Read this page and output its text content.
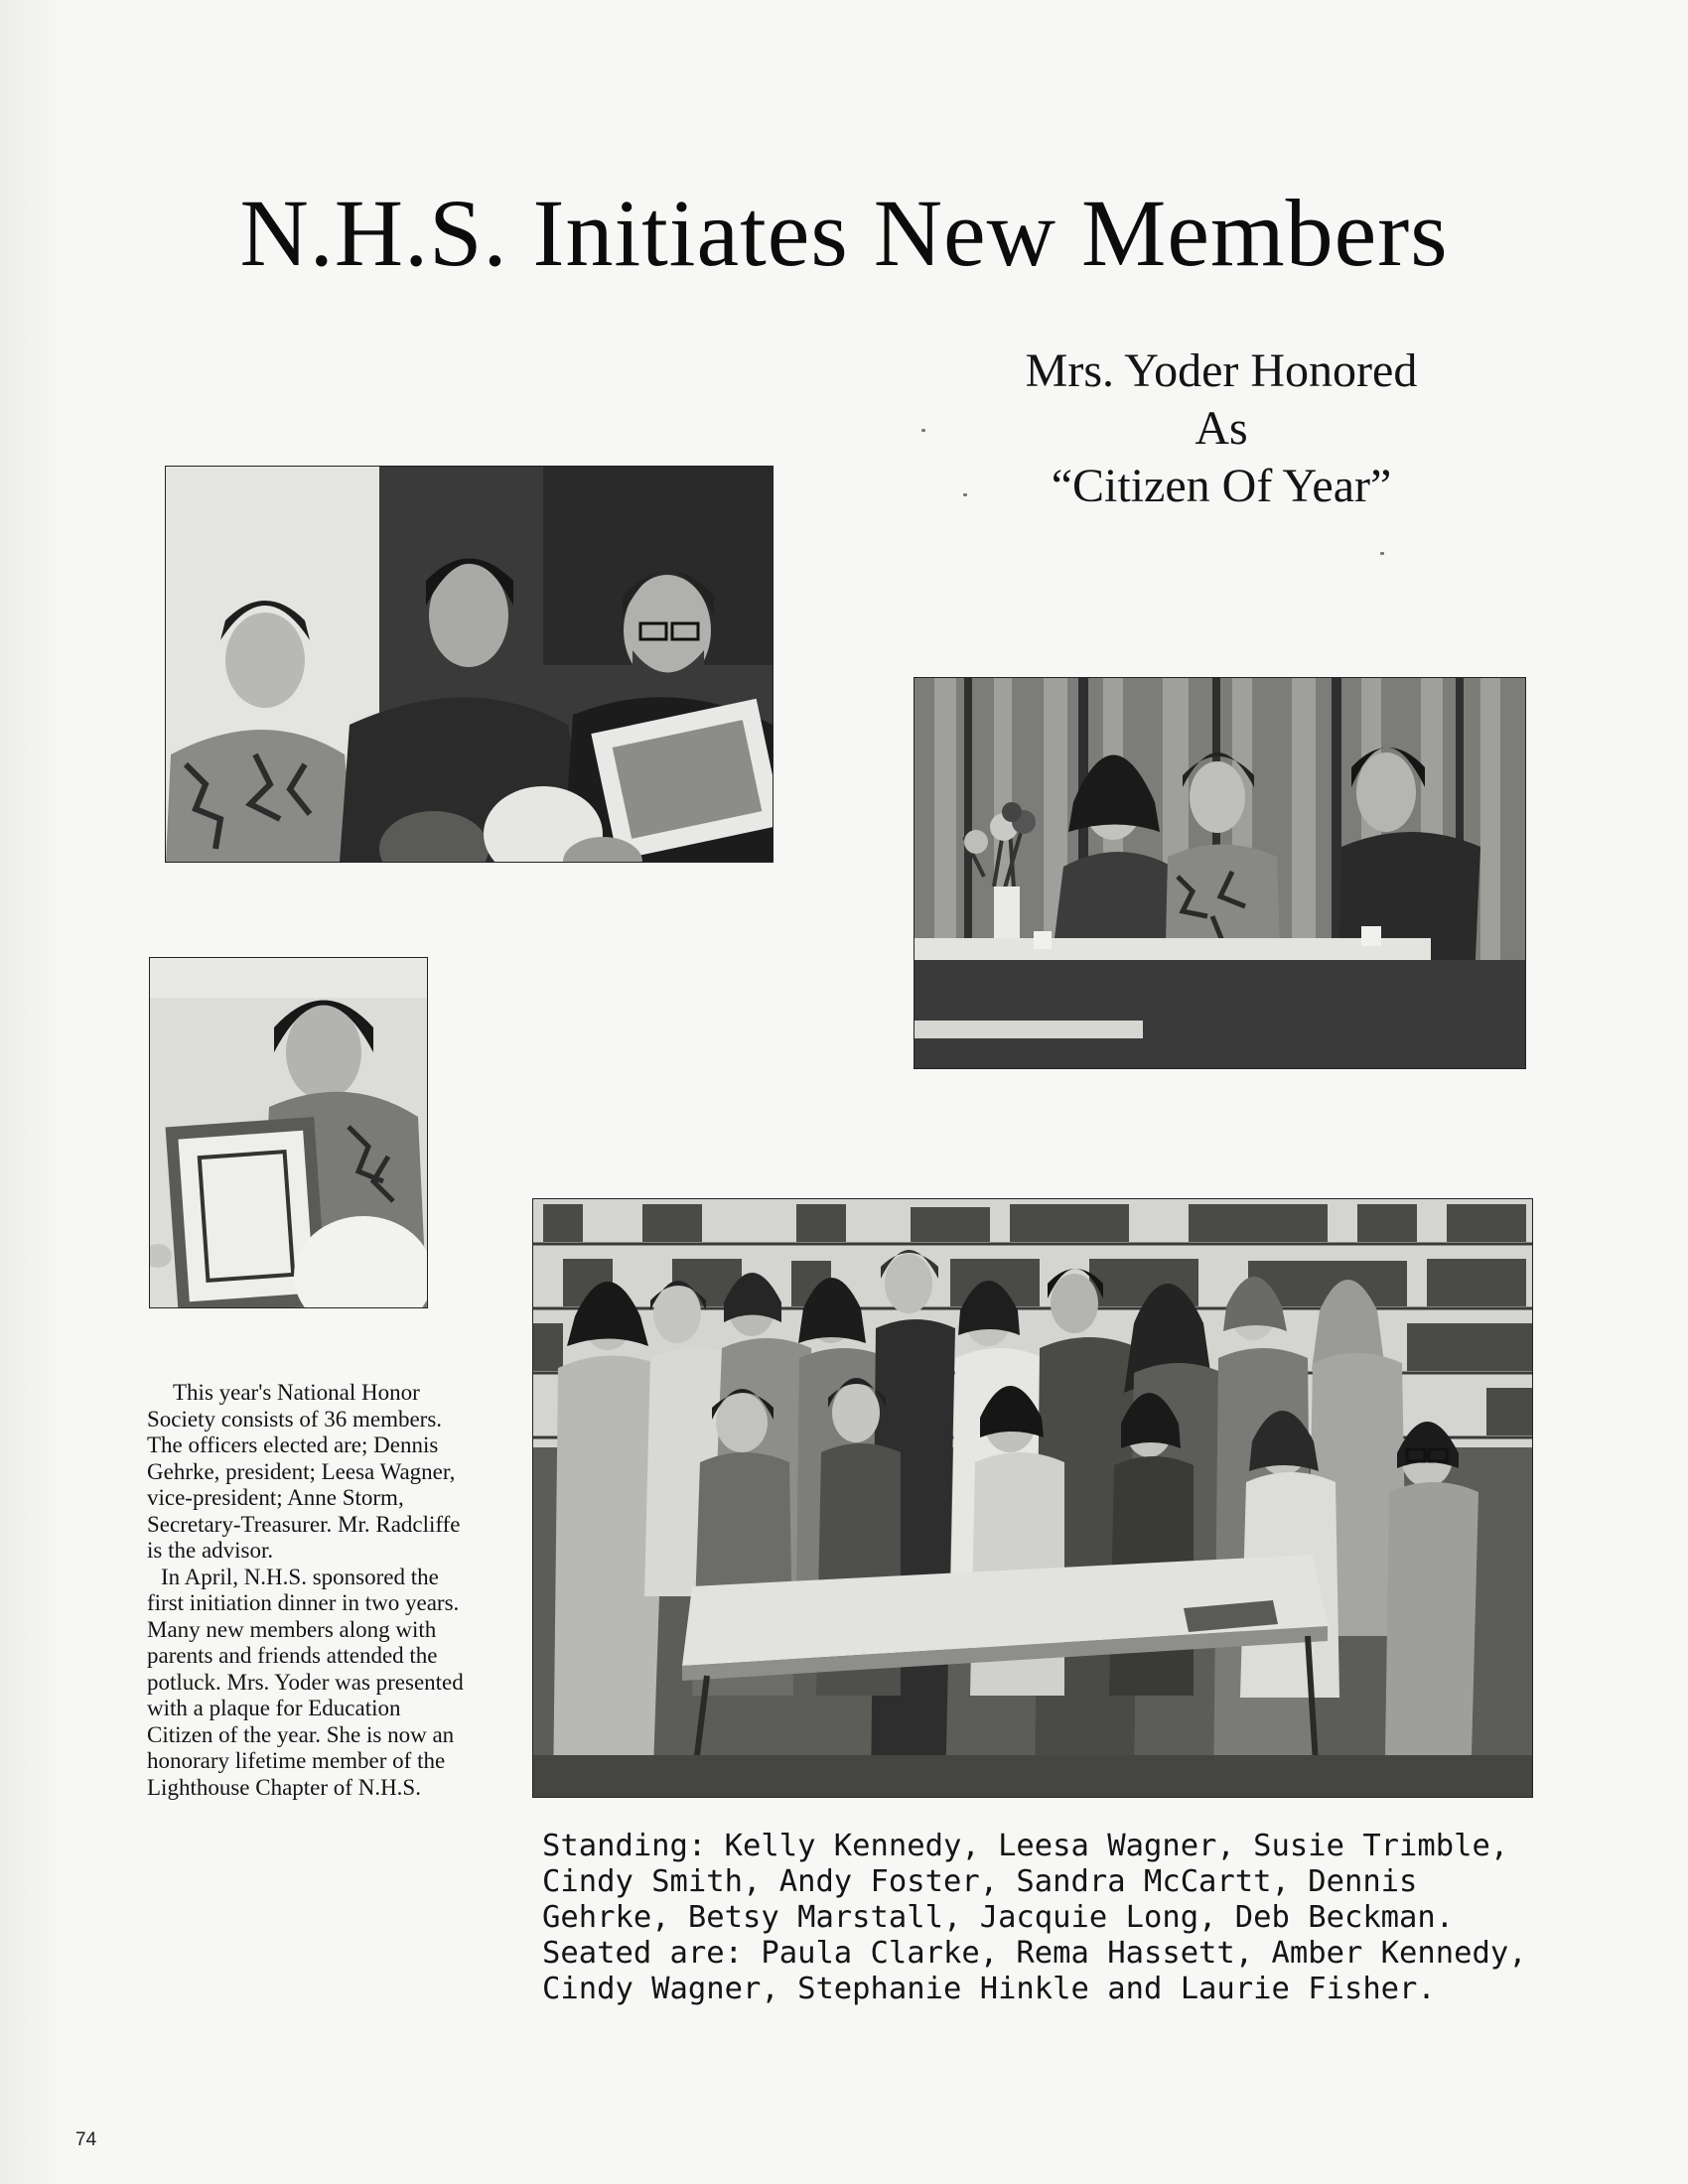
N.H.S. Initiates New Members
Mrs. Yoder Honored
As
“Citizen Of Year”

This year's National Honor Society consists of 36 members. The officers elected are; Dennis Gehrke, president; Leesa Wagner, vice-president; Anne Storm, Secretary-Treasurer. Mr. Radcliffe is the advisor.

In April, N.H.S. sponsored the first initiation dinner in two years. Many new members along with parents and friends attended the potluck. Mrs. Yoder was presented with a plaque for Education Citizen of the year. She is now an honorary lifetime member of the Lighthouse Chapter of N.H.S.

Standing: Kelly Kennedy, Leesa Wagner, Susie Trimble, Cindy Smith, Andy Foster, Sandra McCartt, Dennis Gehrke, Betsy Marstall, Jacquie Long, Deb Beckman. Seated are: Paula Clarke, Rema Hassett, Amber Kennedy, Cindy Wagner, Stephanie Hinkle and Laurie Fisher.
74
